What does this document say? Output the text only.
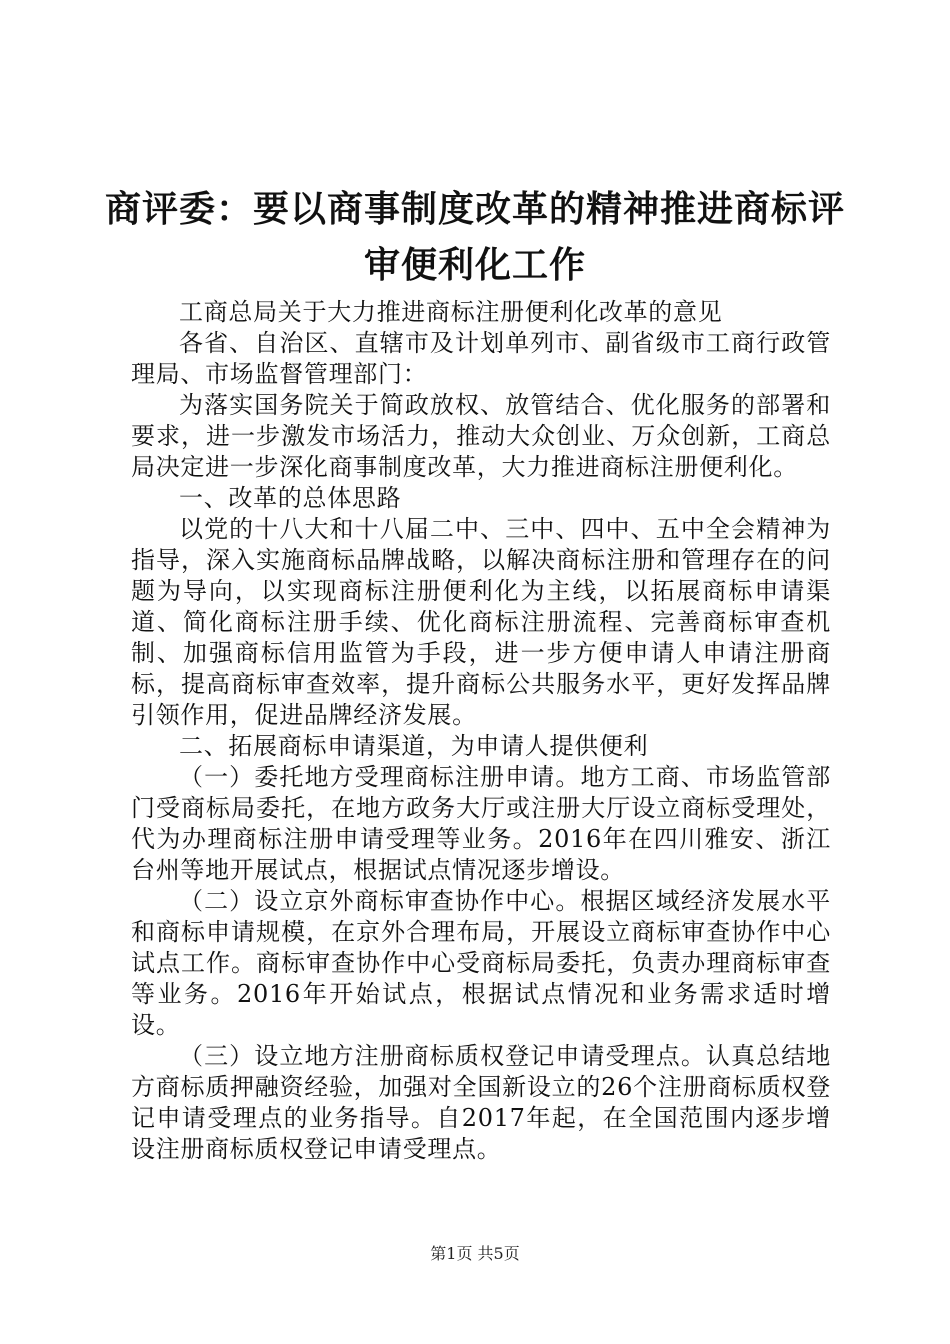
商评委：要以商事制度改革的精神推进商标评
审便利化工作

工商总局关于大力推进商标注册便利化改革的意见

各省、自治区、直辖市及计划单列市、副省级市工商行政管理局、市场监督管理部门：

为落实国务院关于简政放权、放管结合、优化服务的部署和要求，进一步激发市场活力，推动大众创业、万众创新，工商总局决定进一步深化商事制度改革，大力推进商标注册便利化。

一、改革的总体思路

以党的十八大和十八届二中、三中、四中、五中全会精神为指导，深入实施商标品牌战略，以解决商标注册和管理存在的问题为导向，以实现商标注册便利化为主线，以拓展商标申请渠道、简化商标注册手续、优化商标注册流程、完善商标审查机制、加强商标信用监管为手段，进一步方便申请人申请注册商标，提高商标审查效率，提升商标公共服务水平，更好发挥品牌引领作用，促进品牌经济发展。

二、拓展商标申请渠道，为申请人提供便利

（一）委托地方受理商标注册申请。地方工商、市场监管部门受商标局委托，在地方政务大厅或注册大厅设立商标受理处，代为办理商标注册申请受理等业务。2016年在四川雅安、浙江台州等地开展试点，根据试点情况逐步增设。

（二）设立京外商标审查协作中心。根据区域经济发展水平和商标申请规模，在京外合理布局，开展设立商标审查协作中心试点工作。商标审查协作中心受商标局委托，负责办理商标审查等业务。2016年开始试点，根据试点情况和业务需求适时增设。

（三）设立地方注册商标质权登记申请受理点。认真总结地方商标质押融资经验，加强对全国新设立的26个注册商标质权登记申请受理点的业务指导。自2017年起，在全国范围内逐步增设注册商标质权登记申请受理点。

第1页 共5页
